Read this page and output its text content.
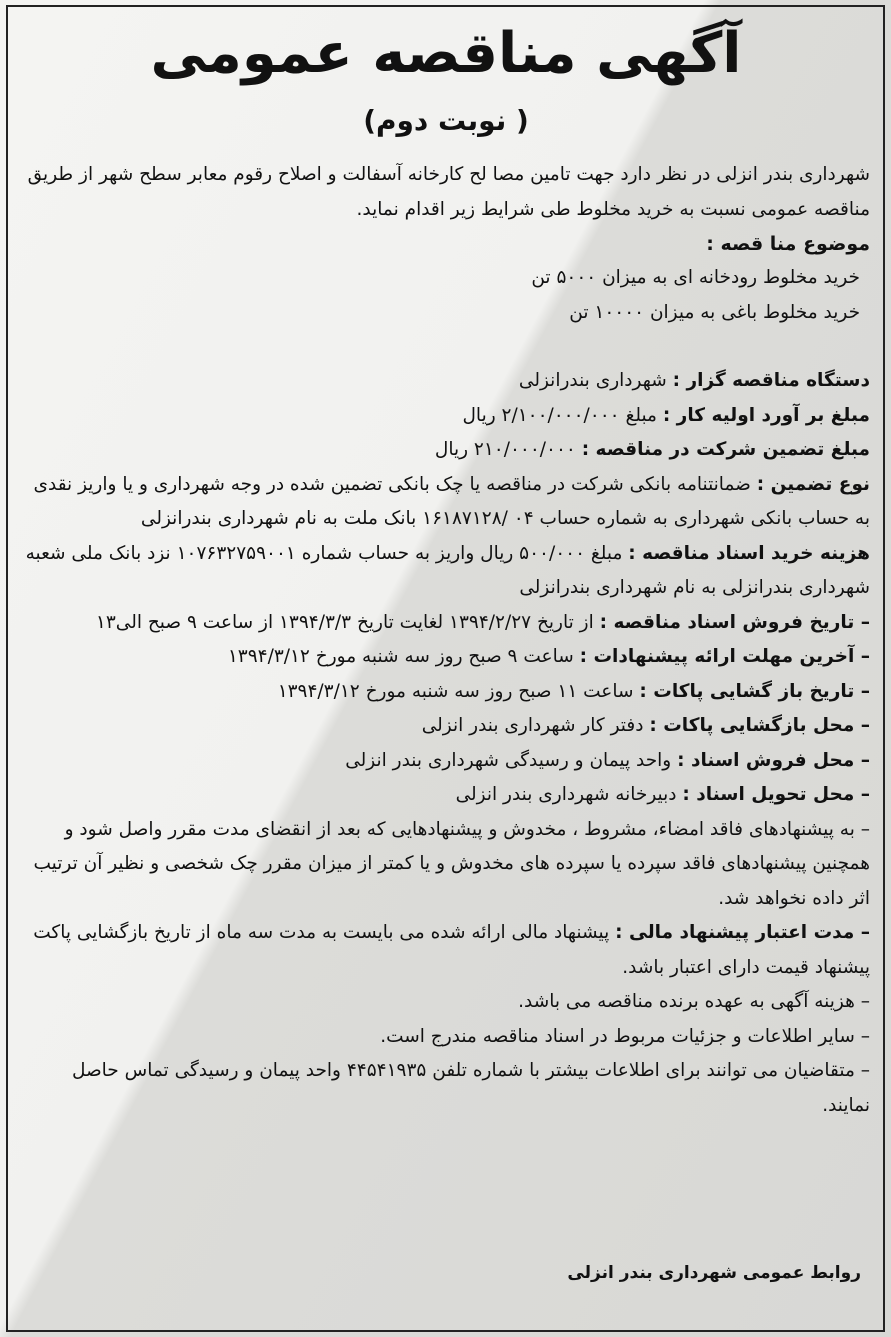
آگهی مناقصه عمومی
( نوبت دوم)

شهرداری بندر انزلی در نظر دارد جهت تامین مصا لح کارخانه آسفالت و اصلاح رقوم معابر سطح شهر از طریق مناقصه عمومی نسبت به خرید مخلوط طی شرایط زیر اقدام نماید.

موضوع منا قصه :

خرید مخلوط رودخانه ای به میزان ۵۰۰۰ تن

خرید مخلوط باغی به میزان ۱۰۰۰۰ تن

دستگاه مناقصه گزار : شهرداری بندرانزلی

مبلغ بر آورد اولیه کار : مبلغ ۲/۱۰۰/۰۰۰/۰۰۰ ریال

مبلغ تضمین شرکت در مناقصه : ۲۱۰/۰۰۰/۰۰۰ ریال

نوع تضمین : ضمانتنامه بانکی شرکت در مناقصه یا چک بانکی تضمین شده در وجه شهرداری و یا واریز نقدی به حساب بانکی شهرداری به شماره حساب ۰۴ /۱۶۱۸۷۱۲۸ بانک ملت به نام شهرداری بندرانزلی

هزینه خرید اسناد مناقصه : مبلغ ۵۰۰/۰۰۰ ریال واریز به حساب شماره ۱۰۷۶۳۲۷۵۹۰۰۱ نزد بانک ملی شعبه شهرداری بندرانزلی به نام شهرداری بندرانزلی

– تاریخ فروش اسناد مناقصه : از تاریخ ۱۳۹۴/۲/۲۷ لغایت تاریخ ۱۳۹۴/۳/۳ از ساعت ۹ صبح الی۱۳

– آخرین مهلت ارائه پیشنهادات : ساعت ۹ صبح روز سه شنبه مورخ ۱۳۹۴/۳/۱۲

– تاریخ باز گشایی پاکات : ساعت ۱۱ صبح روز سه شنبه مورخ ۱۳۹۴/۳/۱۲

– محل بازگشایی پاکات : دفتر کار شهرداری بندر انزلی

– محل فروش اسناد : واحد پیمان و رسیدگی شهرداری بندر انزلی

– محل تحویل اسناد : دبیرخانه شهرداری بندر انزلی

– به پیشنهادهای فاقد امضاء، مشروط ، مخدوش و پیشنهادهایی که بعد از انقضای مدت مقرر واصل شود و همچنین پیشنهادهای فاقد سپرده یا سپرده های مخدوش و یا کمتر از میزان مقرر چک شخصی و نظیر آن ترتیب اثر داده نخواهد شد.

– مدت اعتبار پیشنهاد مالی : پیشنهاد مالی ارائه شده می بایست به مدت سه ماه از تاریخ بازگشایی پاکت پیشنهاد قیمت دارای اعتبار باشد.

– هزینه آگهی به عهده برنده مناقصه می باشد.

– سایر اطلاعات و جزئیات مربوط در اسناد مناقصه مندرج است.

– متقاضیان می توانند برای اطلاعات بیشتر با شماره تلفن ۴۴۵۴۱۹۳۵ واحد پیمان و رسیدگی تماس حاصل نمایند.

روابط عمومی شهرداری بندر انزلی
